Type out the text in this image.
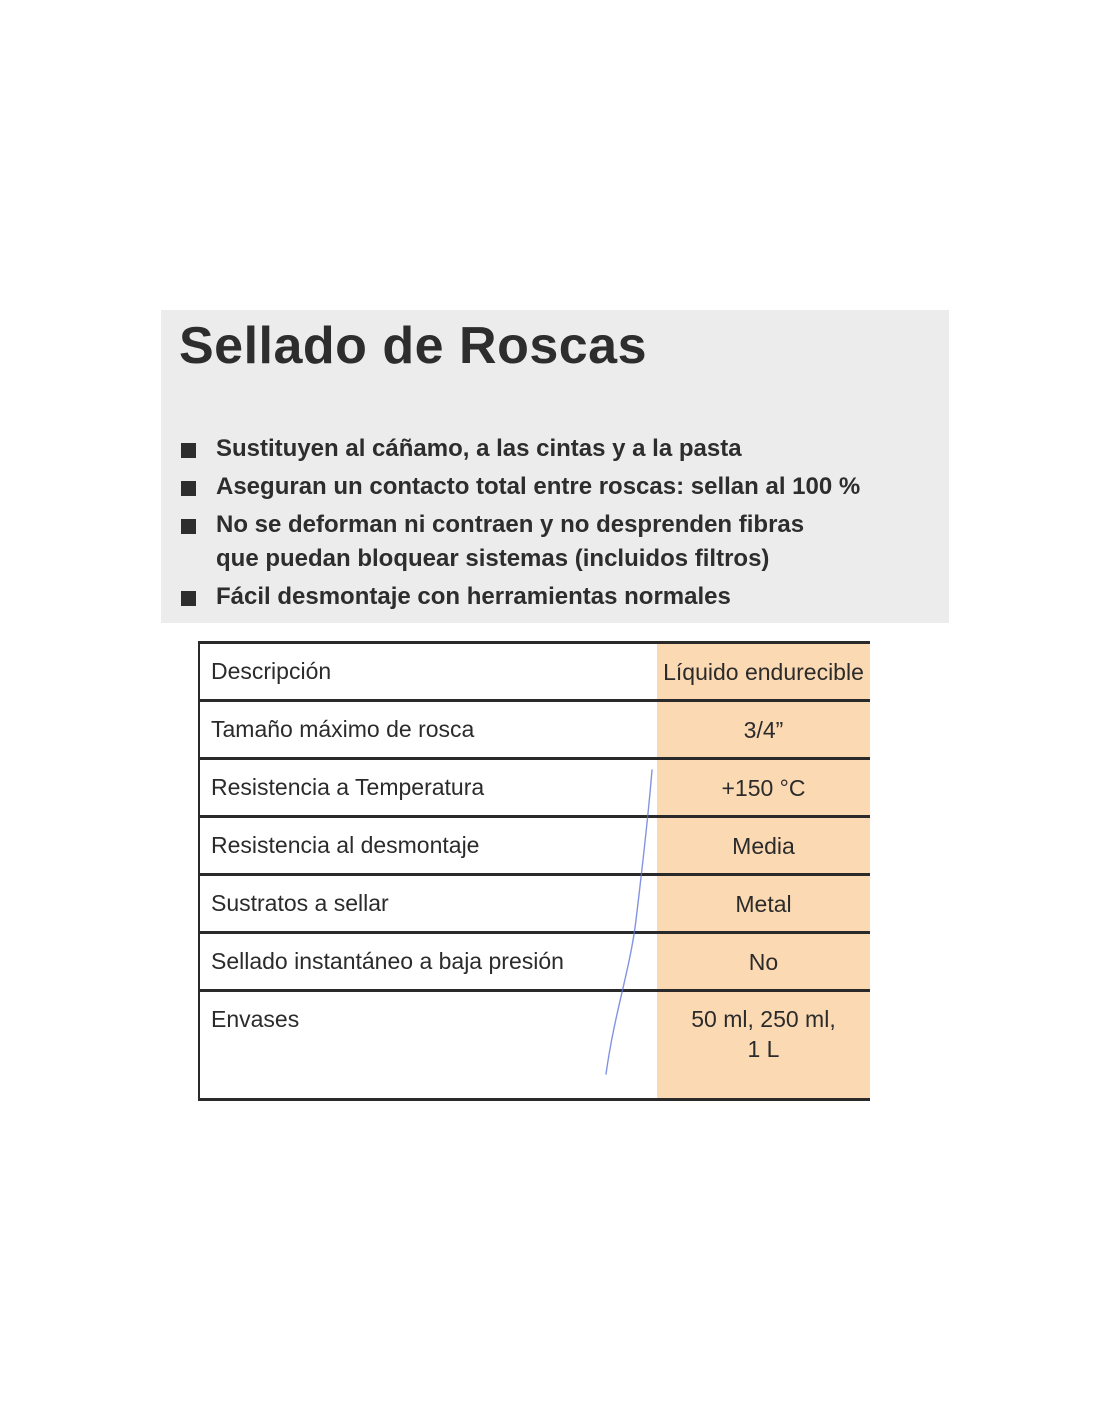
Sellado de Roscas
Sustituyen al cáñamo, a las cintas y a la pasta
Aseguran un contacto total entre roscas: sellan al 100 %
No se deforman ni contraen y no desprenden fibras
que puedan bloquear sistemas (incluidos filtros)
Fácil desmontaje con herramientas normales
Descripción	Líquido endurecible

Tamaño máximo de rosca	3/4”

Resistencia a Temperatura	+150 °C

Resistencia al desmontaje	Media

Sustratos a sellar	Metal

Sellado instantáneo a baja presión	No

Envases	50 ml, 250 ml,
1 L
